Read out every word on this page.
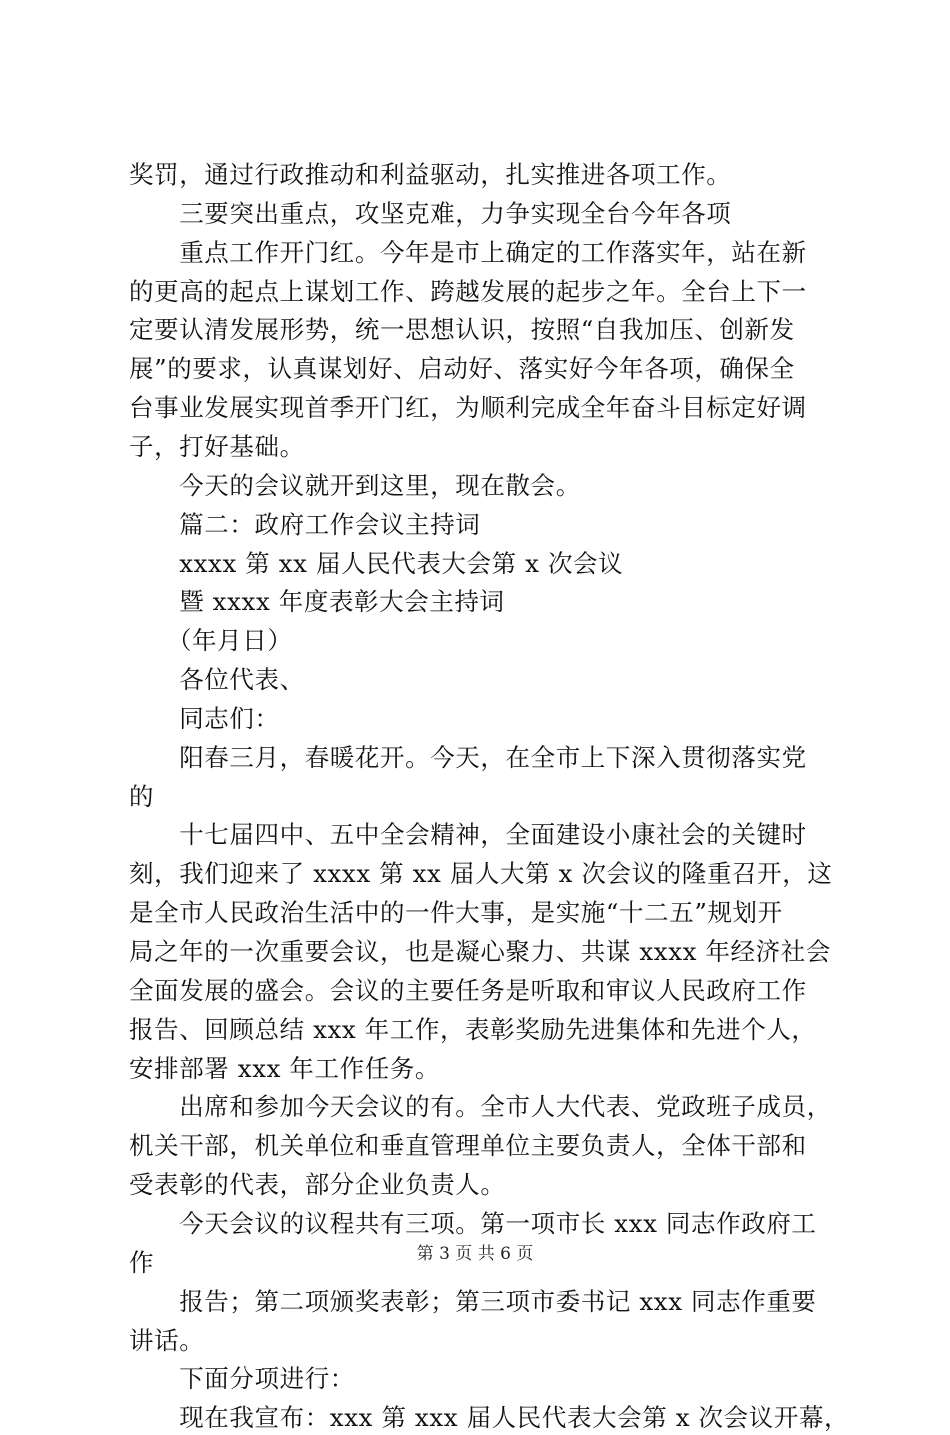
奖罚，通过行政推动和利益驱动，扎实推进各项工作。
　　三要突出重点，攻坚克难，力争实现全台今年各项
　　重点工作开门红。今年是市上确定的工作落实年，站在新
的更高的起点上谋划工作、跨越发展的起步之年。全台上下一
定要认清发展形势，统一思想认识，按照“自我加压、创新发
展”的要求，认真谋划好、启动好、落实好今年各项，确保全
台事业发展实现首季开门红，为顺利完成全年奋斗目标定好调
子，打好基础。
　　今天的会议就开到这里，现在散会。
　　篇二：政府工作会议主持词
　　xxxx 第 xx 届人民代表大会第 x 次会议
　　暨 xxxx 年度表彰大会主持词
　　（年月日）
　　各位代表、
　　同志们：
　　阳春三月，春暖花开。今天，在全市上下深入贯彻落实党
的
　　十七届四中、五中全会精神，全面建设小康社会的关键时
刻，我们迎来了 xxxx 第 xx 届人大第 x 次会议的隆重召开，这
是全市人民政治生活中的一件大事，是实施“十二五”规划开
局之年的一次重要会议，也是凝心聚力、共谋 xxxx 年经济社会
全面发展的盛会。会议的主要任务是听取和审议人民政府工作
报告、回顾总结 xxx 年工作，表彰奖励先进集体和先进个人，
安排部署 xxx 年工作任务。
　　出席和参加今天会议的有。全市人大代表、党政班子成员，
机关干部，机关单位和垂直管理单位主要负责人，全体干部和
受表彰的代表，部分企业负责人。
　　今天会议的议程共有三项。第一项市长 xxx 同志作政府工
作
　　报告；第二项颁奖表彰；第三项市委书记 xxx 同志作重要
讲话。
　　下面分项进行：
　　现在我宣布：xxx 第 xxx 届人民代表大会第 x 次会议开幕，
第 3 页 共 6 页
